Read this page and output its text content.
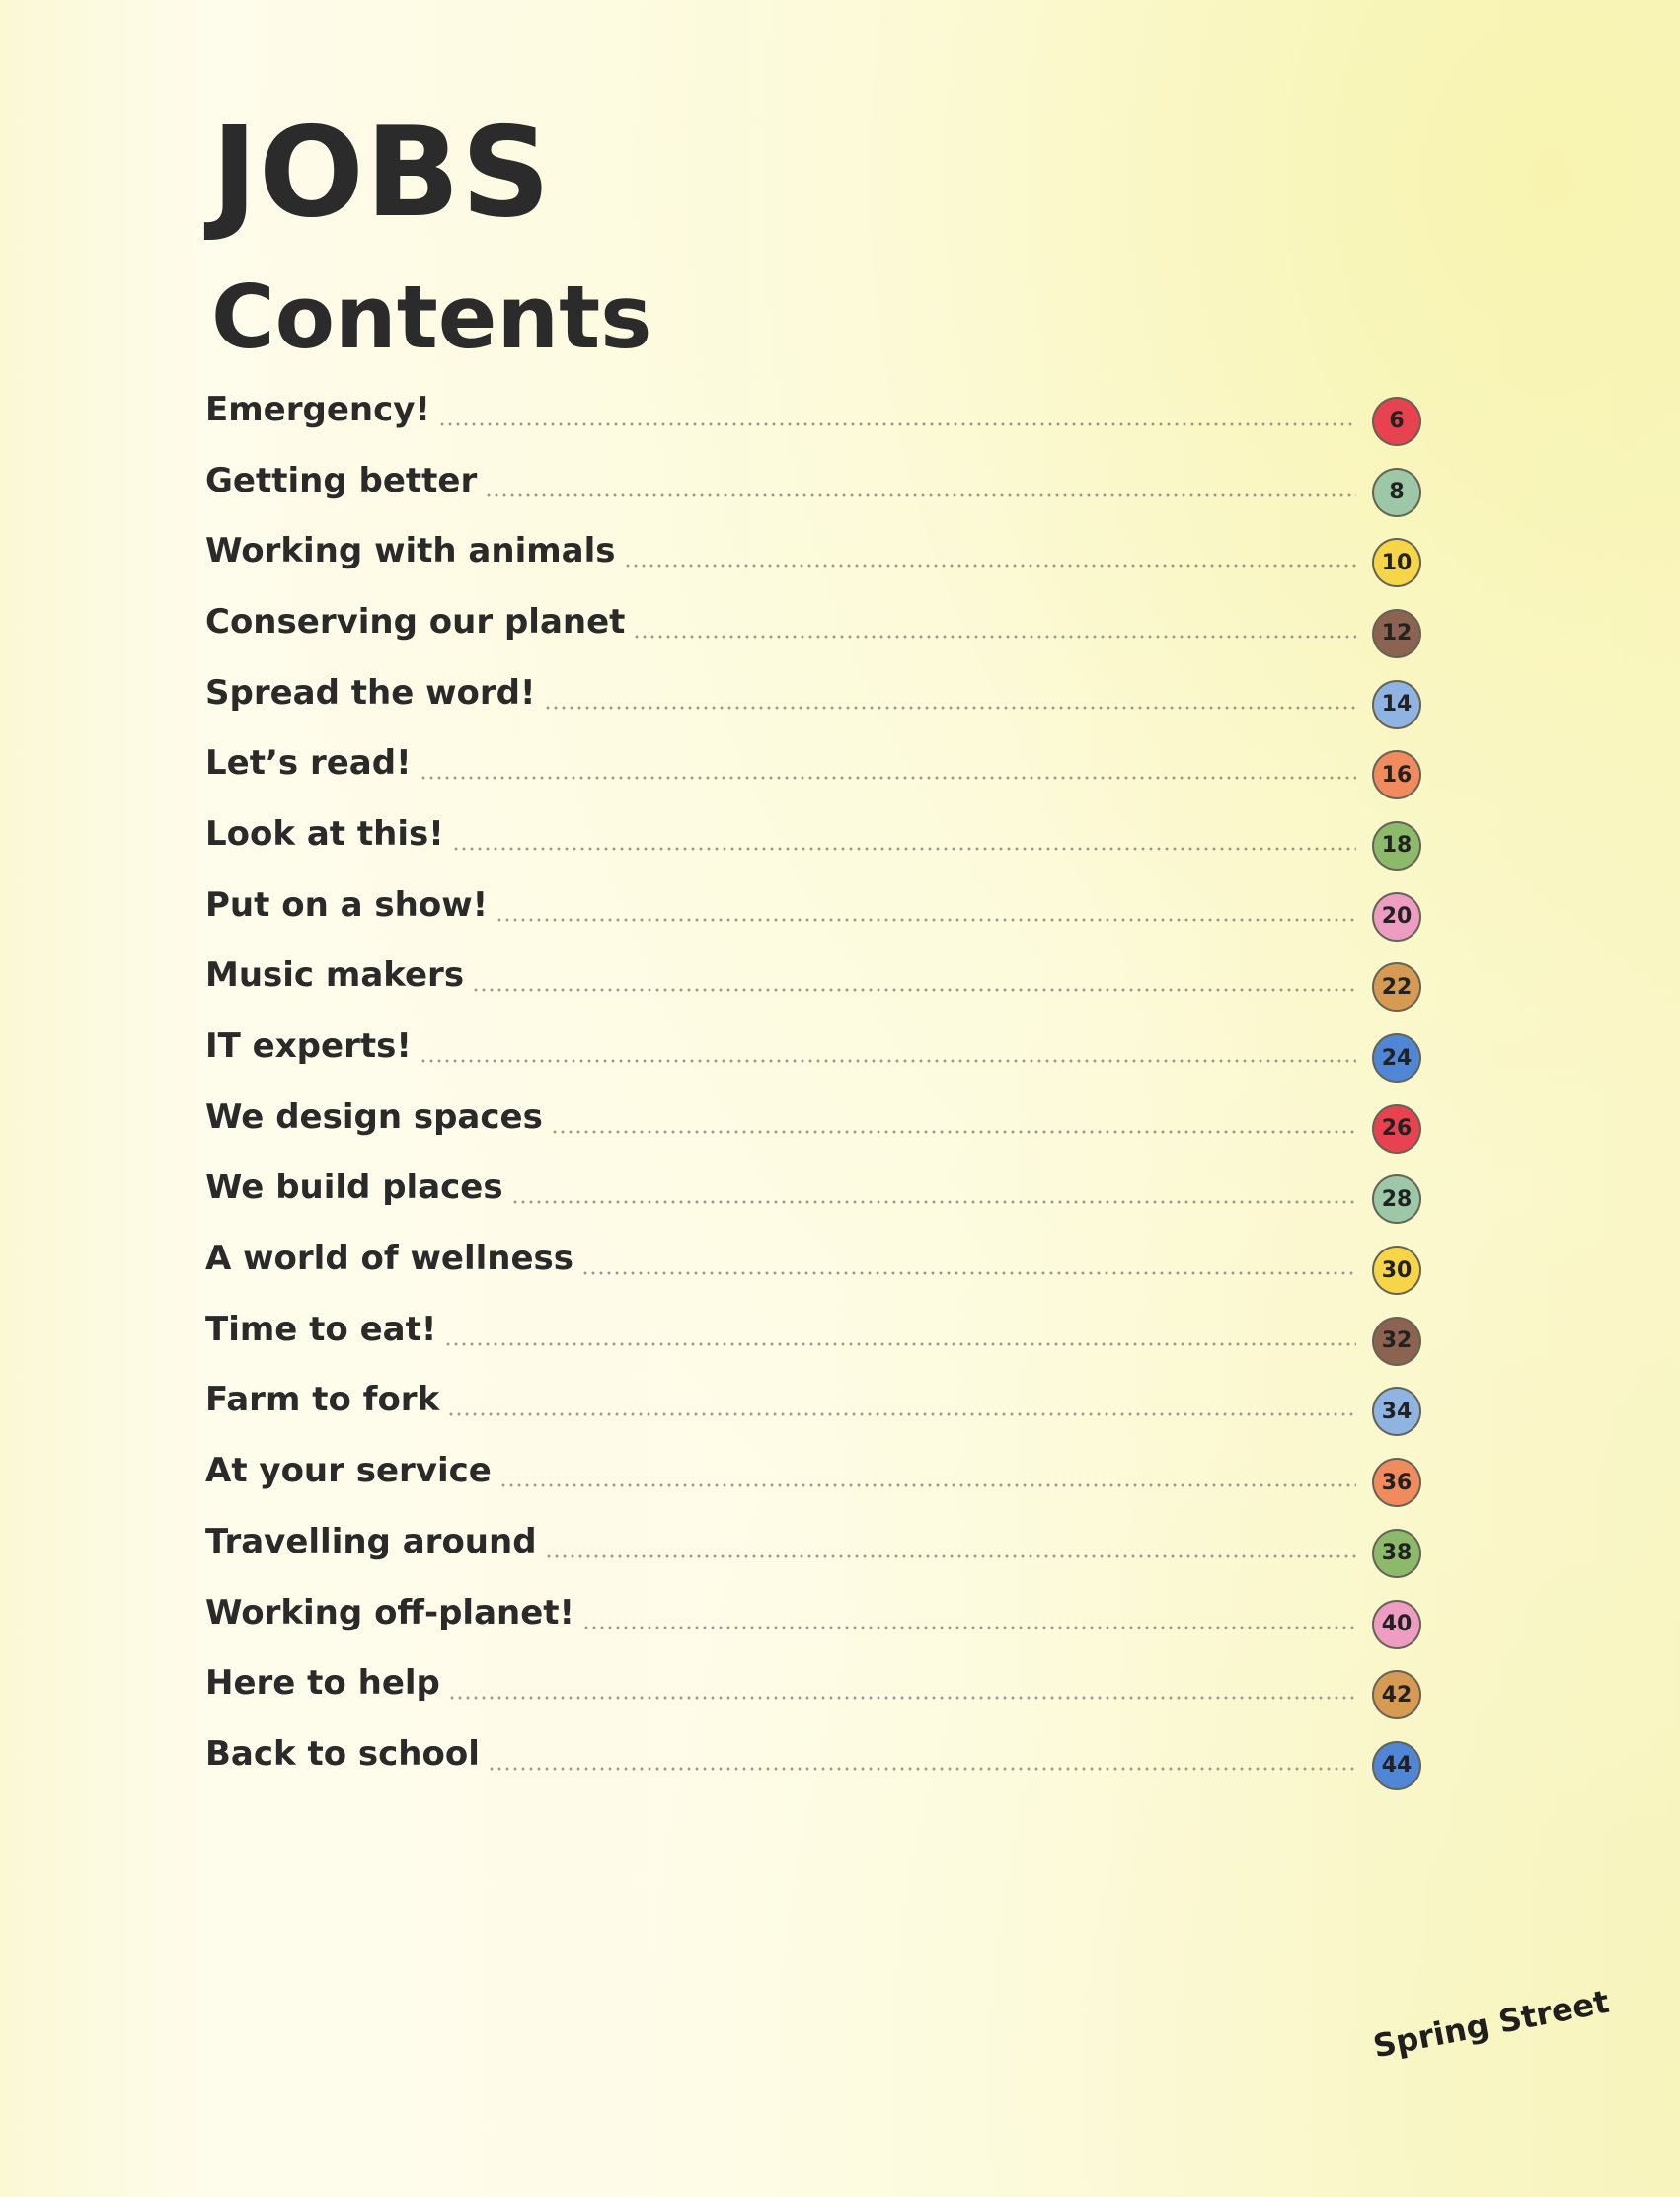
JOBS
Contents
Emergency!	6
Getting better	8
Working with animals	10
Conserving our planet	12
Spread the word!	14
Let’s read!	16
Look at this!	18
Put on a show!	20
Music makers	22
IT experts!	24
We design spaces	26
We build places	28
A world of wellness	30
Time to eat!	32
Farm to fork	34
At your service	36
Travelling around	38
Working off-planet!	40
Here to help	42
Back to school	44
Spring Street
